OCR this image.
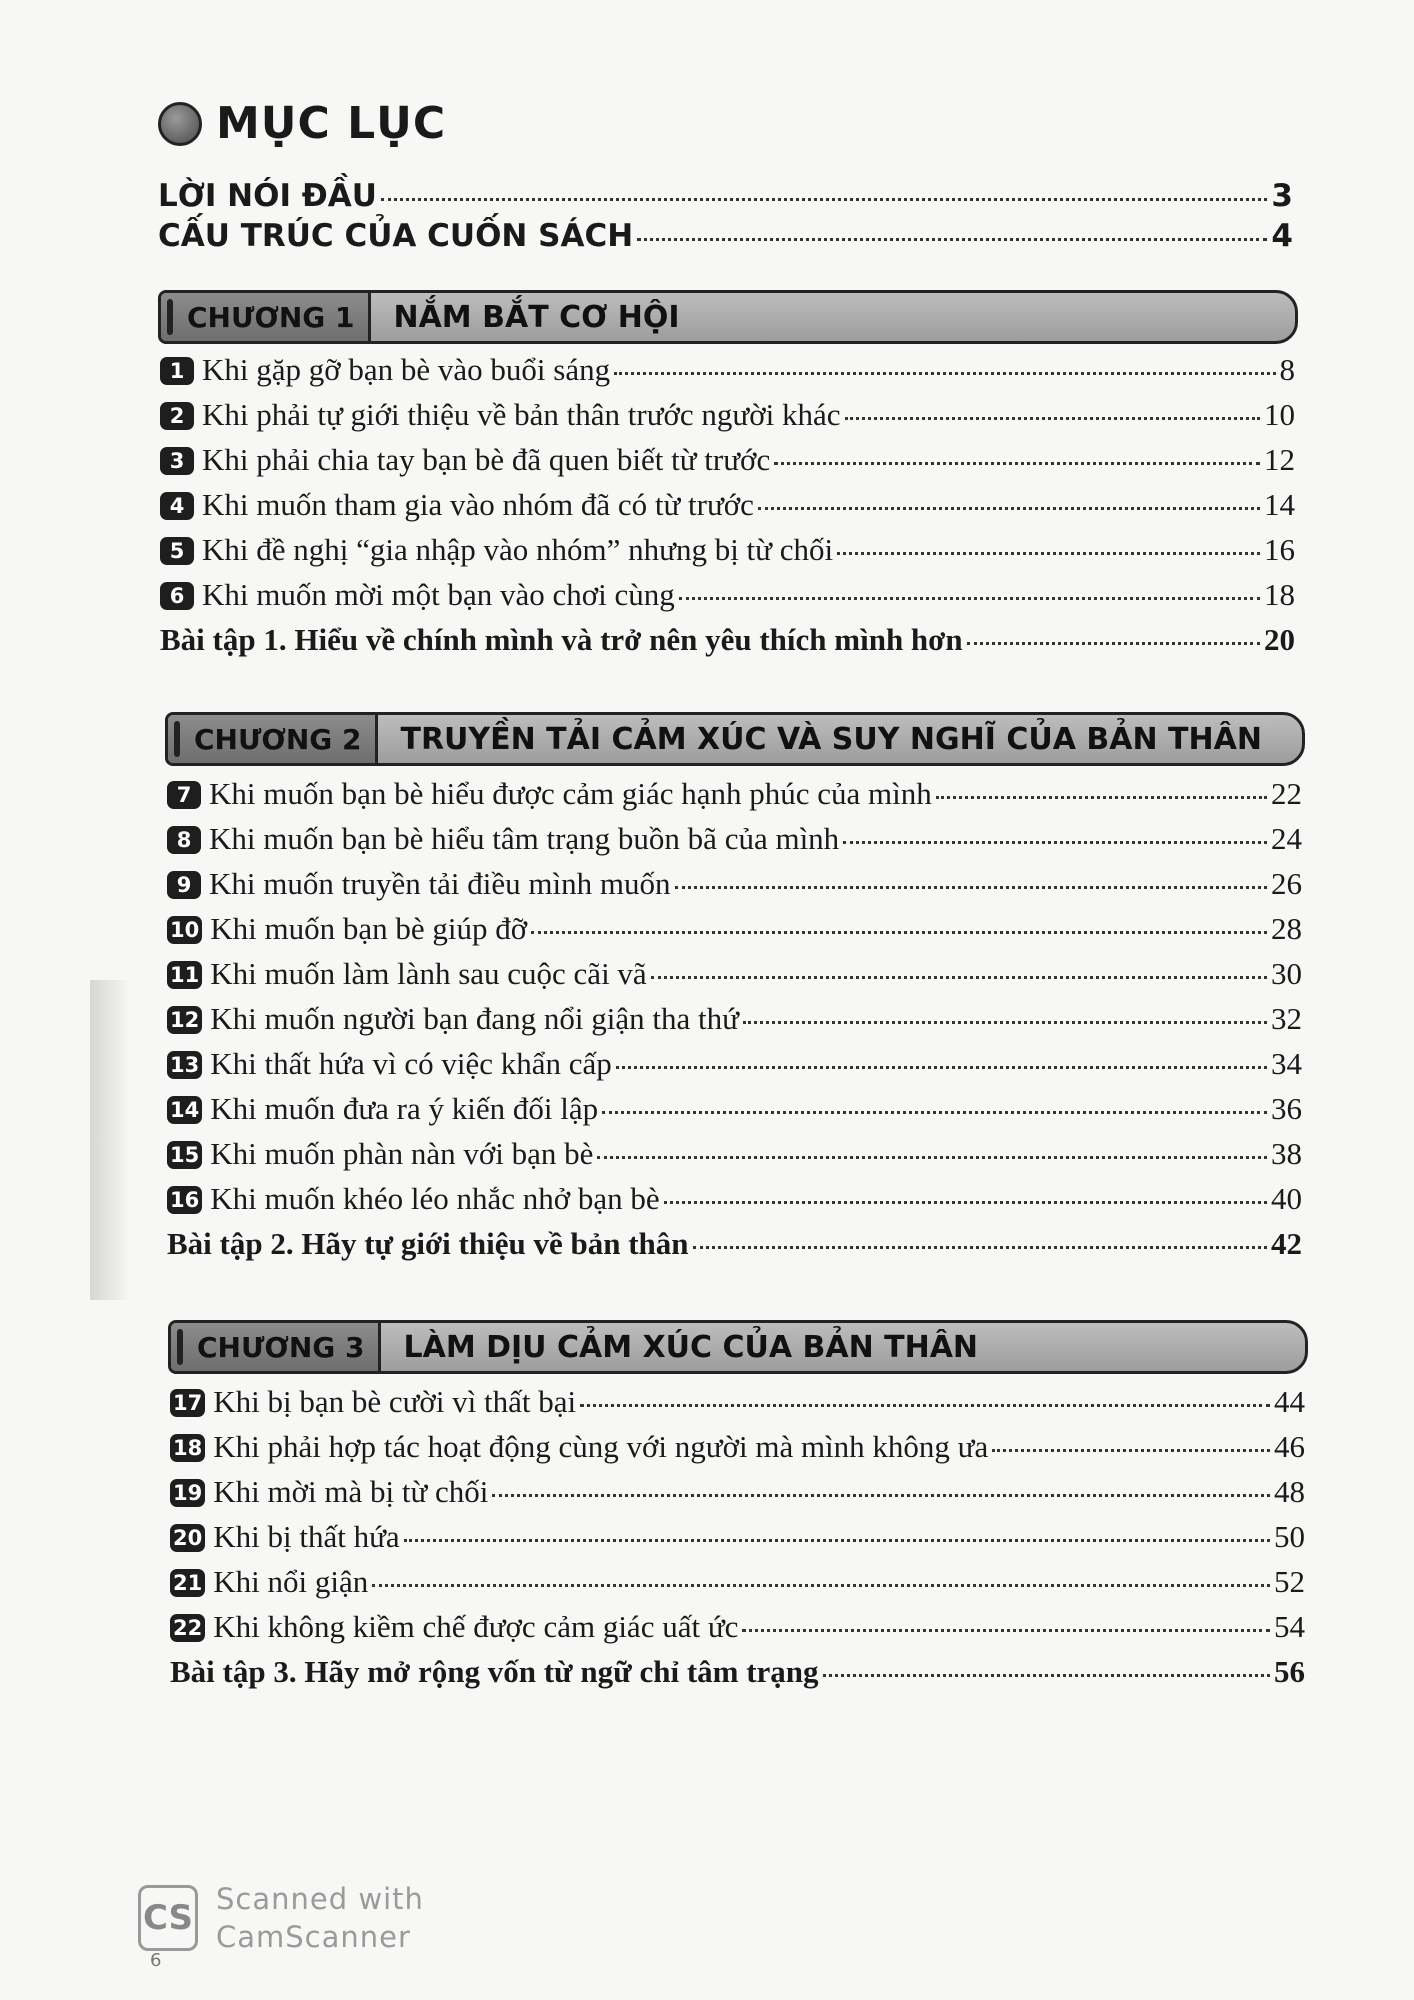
MỤC LỤC
LỜI NÓI ĐẦU	3
CẤU TRÚC CỦA CUỐN SÁCH	4
CHƯƠNG 1	NẮM BẮT CƠ HỘI
1 Khi gặp gỡ bạn bè vào buổi sáng	8
2 Khi phải tự giới thiệu về bản thân trước người khác	10
3 Khi phải chia tay bạn bè đã quen biết từ trước	12
4 Khi muốn tham gia vào nhóm đã có từ trước	14
5 Khi đề nghị “gia nhập vào nhóm” nhưng bị từ chối	16
6 Khi muốn mời một bạn vào chơi cùng	18
Bài tập 1. Hiểu về chính mình và trở nên yêu thích mình hơn	20
CHƯƠNG 2	TRUYỀN TẢI CẢM XÚC VÀ SUY NGHĨ CỦA BẢN THÂN
7 Khi muốn bạn bè hiểu được cảm giác hạnh phúc của mình	22
8 Khi muốn bạn bè hiểu tâm trạng buồn bã của mình	24
9 Khi muốn truyền tải điều mình muốn	26
10 Khi muốn bạn bè giúp đỡ	28
11 Khi muốn làm lành sau cuộc cãi vã	30
12 Khi muốn người bạn đang nổi giận tha thứ	32
13 Khi thất hứa vì có việc khẩn cấp	34
14 Khi muốn đưa ra ý kiến đối lập	36
15 Khi muốn phàn nàn với bạn bè	38
16 Khi muốn khéo léo nhắc nhở bạn bè	40
Bài tập 2. Hãy tự giới thiệu về bản thân	42
CHƯƠNG 3	LÀM DỊU CẢM XÚC CỦA BẢN THÂN
17 Khi bị bạn bè cười vì thất bại	44
18 Khi phải hợp tác hoạt động cùng với người mà mình không ưa	46
19 Khi mời mà bị từ chối	48
20 Khi bị thất hứa	50
21 Khi nổi giận	52
22 Khi không kiềm chế được cảm giác uất ức	54
Bài tập 3. Hãy mở rộng vốn từ ngữ chỉ tâm trạng	56
CS Scanned with
CamScanner
6
